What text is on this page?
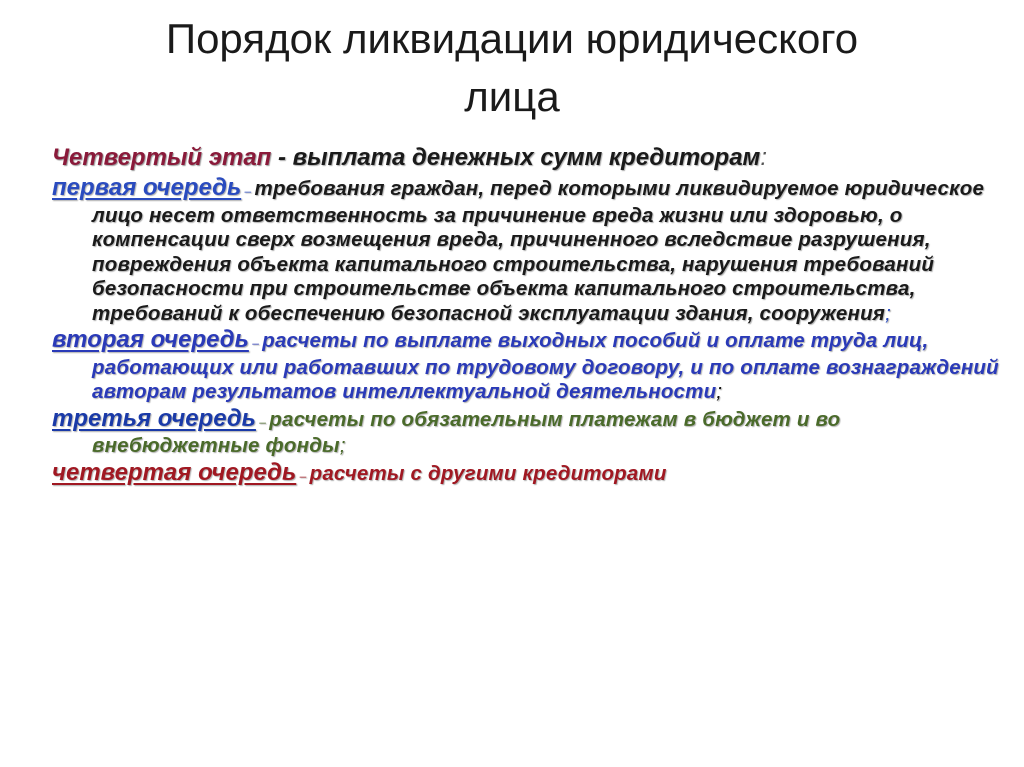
Порядок ликвидации юридического
лица

Четвертый этап - выплата денежных сумм кредиторам:

первая очередь – требования граждан, перед которыми ликвидируемое юридическое лицо несет ответственность за причинение вреда жизни или здоровью, о компенсации сверх возмещения вреда, причиненного вследствие разрушения, повреждения объекта капитального строительства, нарушения требований безопасности при строительстве объекта капитального строительства, требований к обеспечению безопасной эксплуатации здания, сооружения;

вторая очередь – расчеты по выплате выходных пособий и оплате труда лиц, работающих или работавших по трудовому договору, и по оплате вознаграждений авторам результатов интеллектуальной деятельности;

третья очередь – расчеты по обязательным платежам в бюджет и во внебюджетные фонды;

четвертая очередь – расчеты с другими кредиторами
